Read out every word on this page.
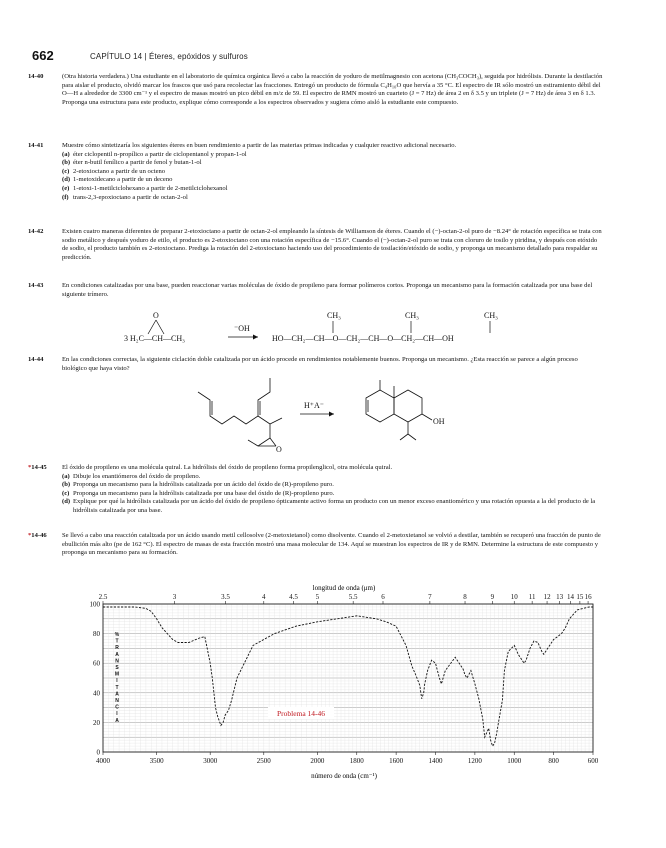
662	CAPÍTULO 14 | Éteres, epóxidos y sulfuros
14-40	(Otra historia verdadera.) Una estudiante en el laboratorio de química orgánica llevó a cabo la reacción de yoduro de metilmagnesio con acetona (CH₃COCH₃), seguida por hidrólisis. Durante la destilación para aislar el producto, olvidó marcar los frascos que usó para recolectar las fracciones. Entregó un producto de fórmula C₄H₁₀O que hervía a 35 °C. El espectro de IR sólo mostró un estiramiento débil del O—H a alrededor de 3300 cm⁻¹ y el espectro de masas mostró un pico débil en m/z de 59. El espectro de RMN mostró un cuarteto (J = 7 Hz) de área 2 en δ 3.5 y un triplete (J = 7 Hz) de área 3 en δ 1.3. Proponga una estructura para este producto, explique cómo corresponde a los espectros observados y sugiera cómo aisló la estudiante este compuesto.

14-41	Muestre cómo sintetizaría los siguientes éteres en buen rendimiento a partir de las materias primas indicadas y cualquier reactivo adicional necesario.

(a) éter ciclopentil n-propílico a partir de ciclopentanol y propan-1-ol
(b) éter n-butil fenílico a partir de fenol y butan-1-ol
(c) 2-etoxioctano a partir de un octeno
(d) 1-metoxidecano a partir de un deceno
(e) 1-etoxi-1-metilciclohexano a partir de 2-metilciclohexanol
(f) trans-2,3-epoxioctano a partir de octan-2-ol
14-42	Existen cuatro maneras diferentes de preparar 2-etoxioctano a partir de octan-2-ol empleando la síntesis de Williamson de éteres. Cuando el (−)-octan-2-ol puro de −8.24° de rotación específica se trata con sodio metálico y después yoduro de etilo, el producto es 2-etoxioctano con una rotación específica de −15.6°. Cuando el (−)-octan-2-ol puro se trata con cloruro de tosilo y piridina, y después con etóxido de sodio, el producto también es 2-etoxioctano. Prediga la rotación del 2-etoxioctano haciendo uso del procedimiento de tosilación/etóxido de sodio, y proponga un mecanismo detallado para respaldar su predicción.

14-43	En condiciones catalizadas por una base, pueden reaccionar varias moléculas de óxido de propileno para formar polímeros cortos. Proponga un mecanismo para la formación catalizada por una base del siguiente trímero.

3 H₂C—CH—CH₃
O
⁻OH
HO—CH₂—CH—O—CH₂—CH—O—CH₂—CH—OH
CH₃	CH₃	CH₃
14-44	En las condiciones correctas, la siguiente ciclación doble catalizada por un ácido procede en rendimientos notablemente buenos. Proponga un mecanismo. ¿Esta reacción se parece a algún proceso biológico que haya visto?

H⁺A⁻
O
OH
*14-45 El óxido de propileno es una molécula quiral. La hidrólisis del óxido de propileno forma propilenglicol, otra molécula quiral.

(a) Dibuje los enantiómeros del óxido de propileno.
(b) Proponga un mecanismo para la hidrólisis catalizada por un ácido del óxido de (R)-propileno puro.
(c) Proponga un mecanismo para la hidrólisis catalizada por una base del óxido de (R)-propileno puro.
(d) Explique por qué la hidrólisis catalizada por un ácido del óxido de propileno ópticamente activo forma un producto con un menor exceso enantiomérico y una rotación opuesta a la del producto de la hidrólisis catalizada por una base.
*14-46 Se llevó a cabo una reacción catalizada por un ácido usando metil cellosolve (2-metoxietanol) como disolvente. Cuando el 2-metoxietanol se volvió a destilar, también se recuperó una fracción de punto de ebullición más alto (pe de 162 °C). El espectro de masas de esta fracción mostró una masa molecular de 134. Aquí se muestran los espectros de IR y de RMN. Determine la estructura de este compuesto y proponga un mecanismo para su formación.

4000	3500	3000	2500	2000	1800	1600	1400	1200	1000	800	600
2.5	3	3.5	4	4.5	5	5.5	6	7	8	9 10 11 12 13 14 15 16
100
80
60
40
20
0
longitud de onda (μm)
número de onda (cm⁻¹)
%
T
R
A
N
S
M
I
T
A
N
C
I
A
Problema 14-46
